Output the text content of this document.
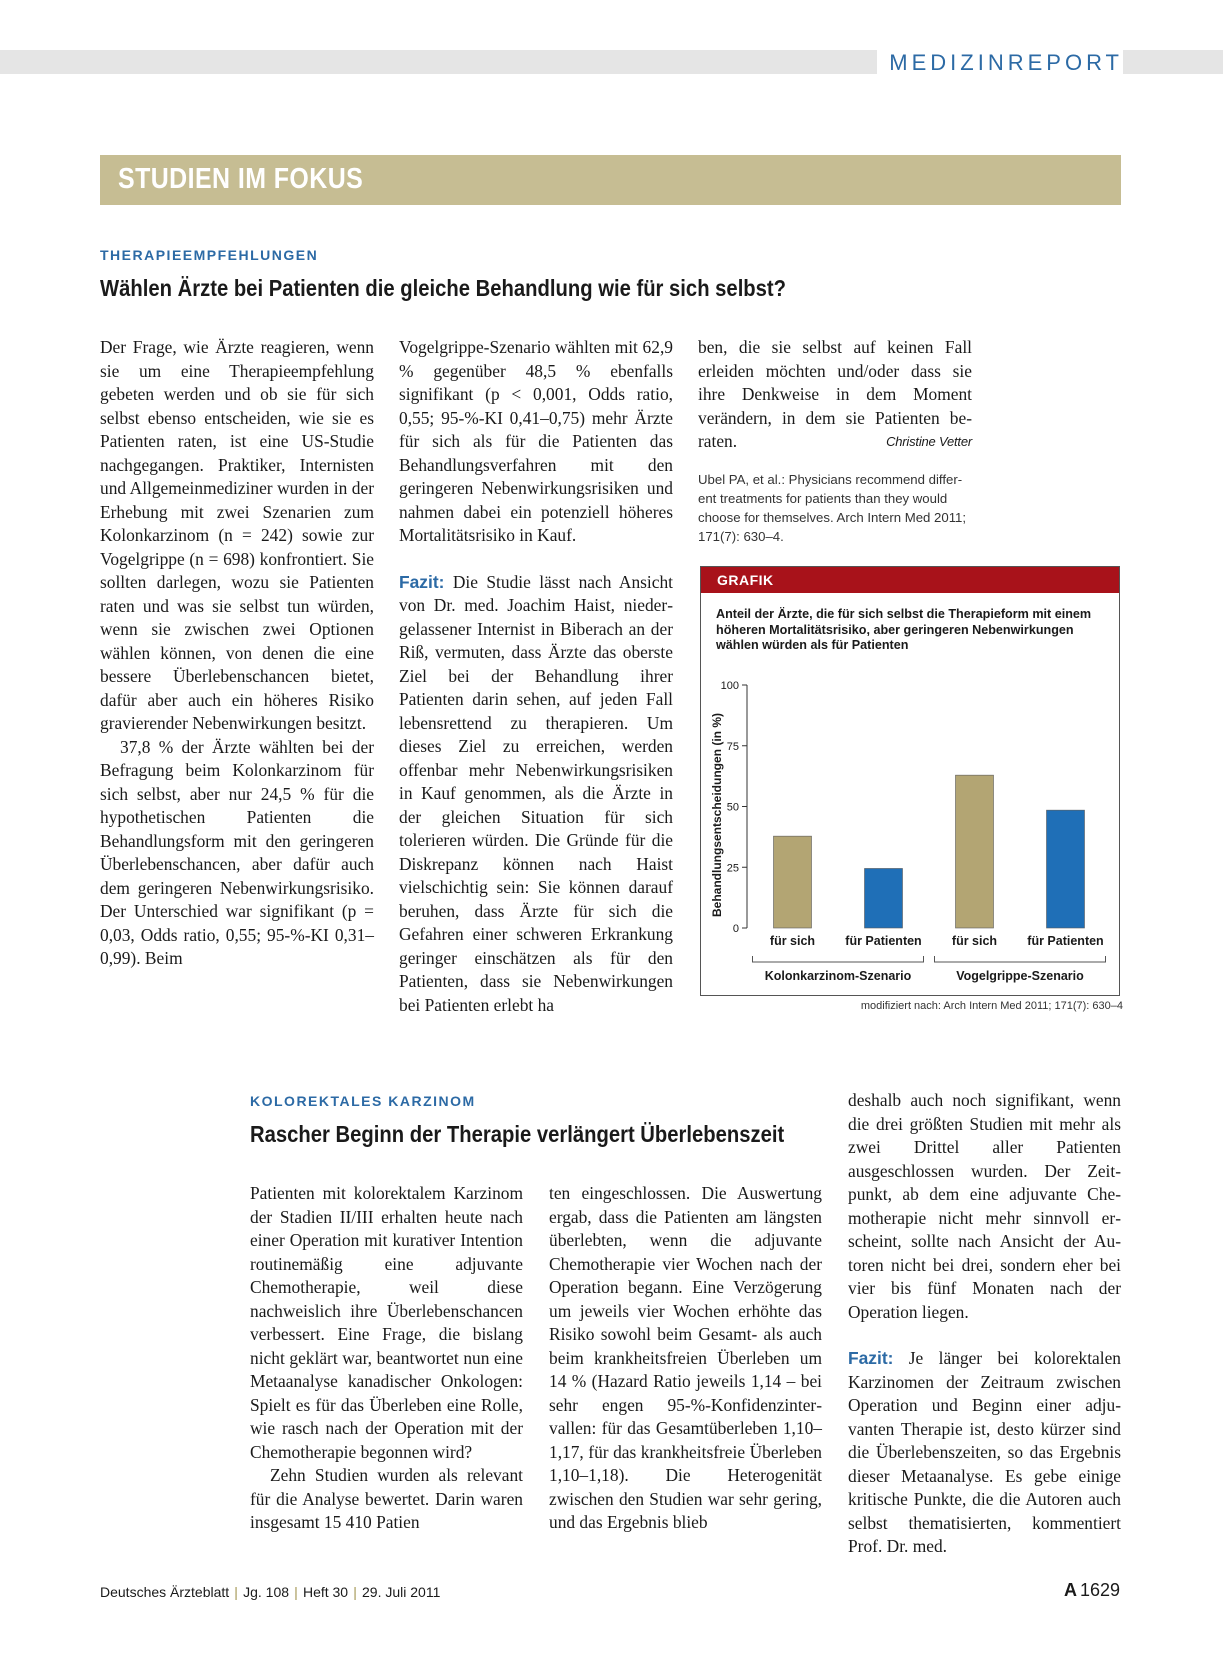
MEDIZINREPORT
STUDIEN IM FOKUS

THERAPIEEMPFEHLUNGEN

Wählen Ärzte bei Patienten die gleiche Behandlung wie für sich selbst?

Der Frage, wie Ärzte reagieren, wenn sie um eine Therapieempfehlung gebeten werden und ob sie für sich selbst ebenso entscheiden, wie sie es Patienten raten, ist eine US-Studie nachgegangen. Praktiker, Internisten und Allgemeinmediziner wurden in der Erhebung mit zwei Szenarien zum Kolonkarzinom (n = 242) sowie zur Vogelgrippe (n = 698) konfrontiert. Sie sollten darlegen, wozu sie Patienten raten und was sie selbst tun würden, wenn sie zwischen zwei Optionen wählen können, von denen die eine bessere Überlebenschancen bietet, dafür aber auch ein höheres Risiko gravierender Nebenwirkungen besitzt.

37,8 % der Ärzte wählten bei der Befragung beim Kolonkarzinom für sich selbst, aber nur 24,5 % für die hypothetischen Patienten die Behandlungsform mit den geringeren Überlebenschancen, aber dafür auch dem geringeren Nebenwirkungsrisiko. Der Unterschied war signifikant (p = 0,03, Odds ratio, 0,55; 95-%-KI 0,31–0,99). Beim

Vogelgrippe-Szenario wählten mit 62,9 % gegenüber 48,5 % ebenfalls signifikant (p < 0,001, Odds ratio, 0,55; 95-%-KI 0,41–0,75) mehr Ärzte für sich als für die Patienten das Behandlungsverfahren mit den geringeren Nebenwirkungsrisiken und nahmen dabei ein potenziell höheres Mortalitätsrisiko in Kauf.

Fazit: Die Studie lässt nach Ansicht von Dr. med. Joachim Haist, niedergelassener Internist in Biberach an der Riß, vermuten, dass Ärzte das oberste Ziel bei der Behandlung ihrer Patienten darin sehen, auf jeden Fall lebensrettend zu therapieren. Um dieses Ziel zu erreichen, werden offenbar mehr Nebenwirkungsrisiken in Kauf genommen, als die Ärzte in der gleichen Situation für sich tolerieren würden. Die Gründe für die Diskrepanz können nach Haist vielschichtig sein: Sie können darauf beruhen, dass Ärzte für sich die Gefahren einer schweren Erkrankung geringer einschätzen als für den Patienten, dass sie Nebenwirkungen bei Patienten erlebt ha

ben, die sie selbst auf keinen Fall erleiden möchten und/oder dass sie ihre Denkweise in dem Moment verändern, in dem sie Patienten beraten.	Christine Vetter

Ubel PA, et al.: Physicians recommend different treatments for patients than they would choose for themselves. Arch Intern Med 2011; 171(7): 630–4.

GRAFIK

Anteil der Ärzte, die für sich selbst die Therapieform mit einem höheren Mortalitätsrisiko, aber geringeren Nebenwirkungen wählen würden als für Patienten

Behandlungsentscheidungen (in %)
0
25
50
75
100
für sich für Patienten für sich für Patienten
Kolonkarzinom-Szenario	Vogelgrippe-Szenario
modifiziert nach: Arch Intern Med 2011; 171(7): 630–4

KOLOREKTALES KARZINOM

Rascher Beginn der Therapie verlängert Überlebenszeit

Patienten mit kolorektalem Karzinom der Stadien II/III erhalten heute nach einer Operation mit kurativer Intention routinemäßig eine adjuvante Chemotherapie, weil diese nachweislich ihre Überlebenschancen verbessert. Eine Frage, die bislang nicht geklärt war, beantwortet nun eine Metaanalyse kanadischer Onkologen: Spielt es für das Überleben eine Rolle, wie rasch nach der Operation mit der Chemotherapie begonnen wird?

Zehn Studien wurden als relevant für die Analyse bewertet. Darin waren insgesamt 15 410 Patien

ten eingeschlossen. Die Auswertung ergab, dass die Patienten am längsten überlebten, wenn die adjuvante Chemotherapie vier Wochen nach der Operation begann. Eine Verzögerung um jeweils vier Wochen erhöhte das Risiko sowohl beim Gesamt- als auch beim krankheitsfreien Überleben um 14 % (Hazard Ratio jeweils 1,14 – bei sehr engen 95-%-Konfidenzintervallen: für das Gesamtüberleben 1,10–1,17, für das krankheitsfreie Überleben 1,10–1,18). Die Heterogenität zwischen den Studien war sehr gering, und das Ergebnis blieb

deshalb auch noch signifikant, wenn die drei größten Studien mit mehr als zwei Drittel aller Patienten ausgeschlossen wurden. Der Zeitpunkt, ab dem eine adjuvante Chemotherapie nicht mehr sinnvoll erscheint, sollte nach Ansicht der Autoren nicht bei drei, sondern eher bei vier bis fünf Monaten nach der Operation liegen.

Fazit: Je länger bei kolorektalen Karzinomen der Zeitraum zwischen Operation und Beginn einer adjuvanten Therapie ist, desto kürzer sind die Überlebenszeiten, so das Ergebnis dieser Metaanalyse. Es gebe einige kritische Punkte, die die Autoren auch selbst thematisierten, kommentiert Prof. Dr. med.

Deutsches Ärzteblatt | Jg. 108 | Heft 30 | 29. Juli 2011	A 1629
